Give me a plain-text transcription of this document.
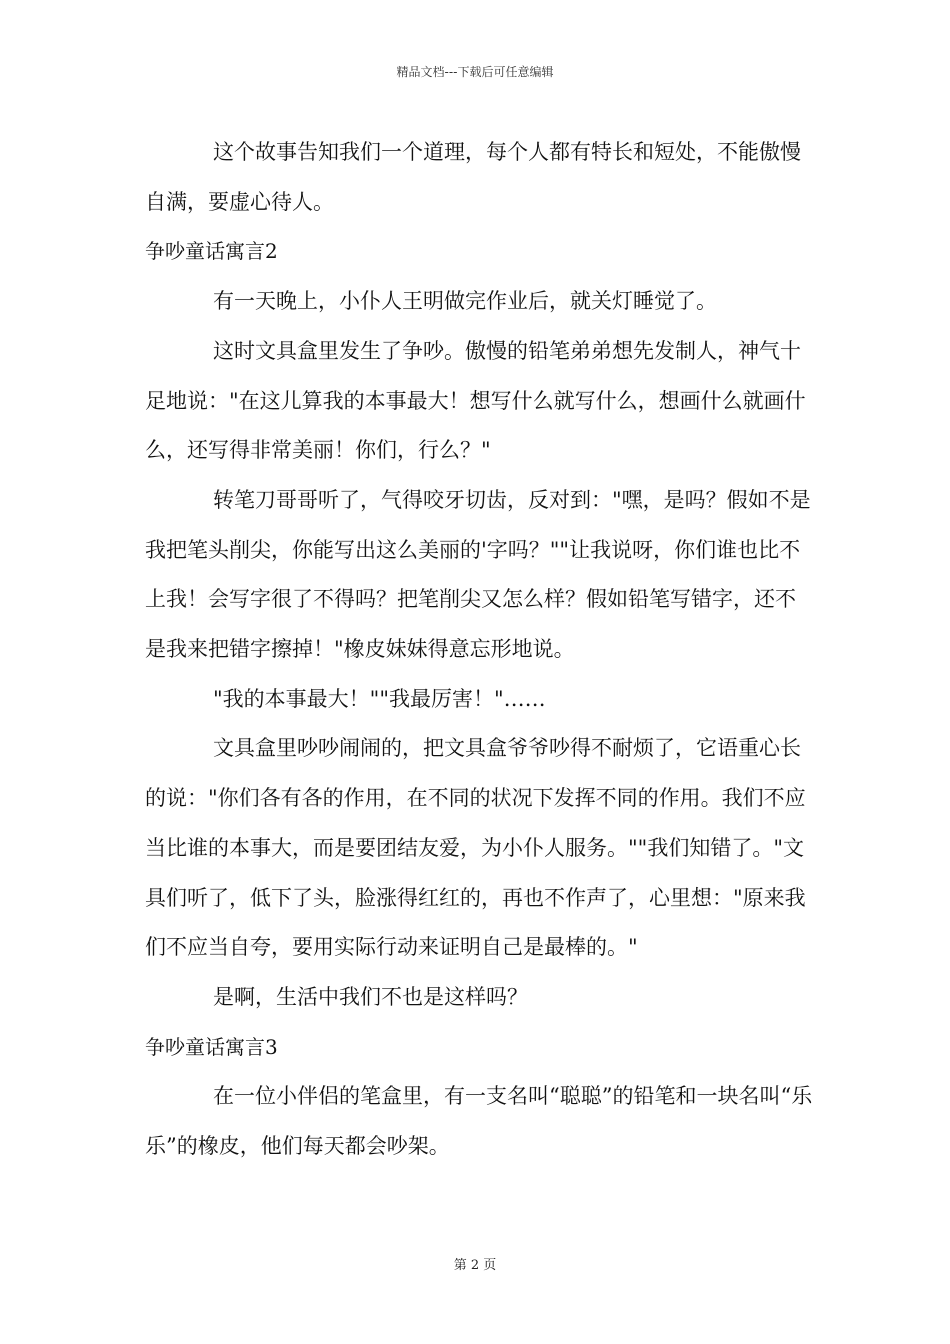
精品文档---下载后可任意编辑

这个故事告知我们一个道理，每个人都有特长和短处，不能傲慢自满，要虚心待人。

争吵童话寓言2

有一天晚上，小仆人王明做完作业后，就关灯睡觉了。

这时文具盒里发生了争吵。傲慢的铅笔弟弟想先发制人，神气十足地说："在这儿算我的本事最大！想写什么就写什么，想画什么就画什么，还写得非常美丽！你们，行么？"

转笔刀哥哥听了，气得咬牙切齿，反对到："嘿，是吗？假如不是我把笔头削尖，你能写出这么美丽的'字吗？""让我说呀，你们谁也比不上我！会写字很了不得吗？把笔削尖又怎么样？假如铅笔写错字，还不是我来把错字擦掉！"橡皮妹妹得意忘形地说。

"我的本事最大！""我最厉害！"……

文具盒里吵吵闹闹的，把文具盒爷爷吵得不耐烦了，它语重心长的说："你们各有各的作用，在不同的状况下发挥不同的作用。我们不应当比谁的本事大，而是要团结友爱，为小仆人服务。""我们知错了。"文具们听了，低下了头，脸涨得红红的，再也不作声了，心里想："原来我们不应当自夸，要用实际行动来证明自己是最棒的。"

是啊，生活中我们不也是这样吗？

争吵童话寓言3

在一位小伴侣的笔盒里，有一支名叫“聪聪”的铅笔和一块名叫“乐乐”的橡皮，他们每天都会吵架。

第 2 页
